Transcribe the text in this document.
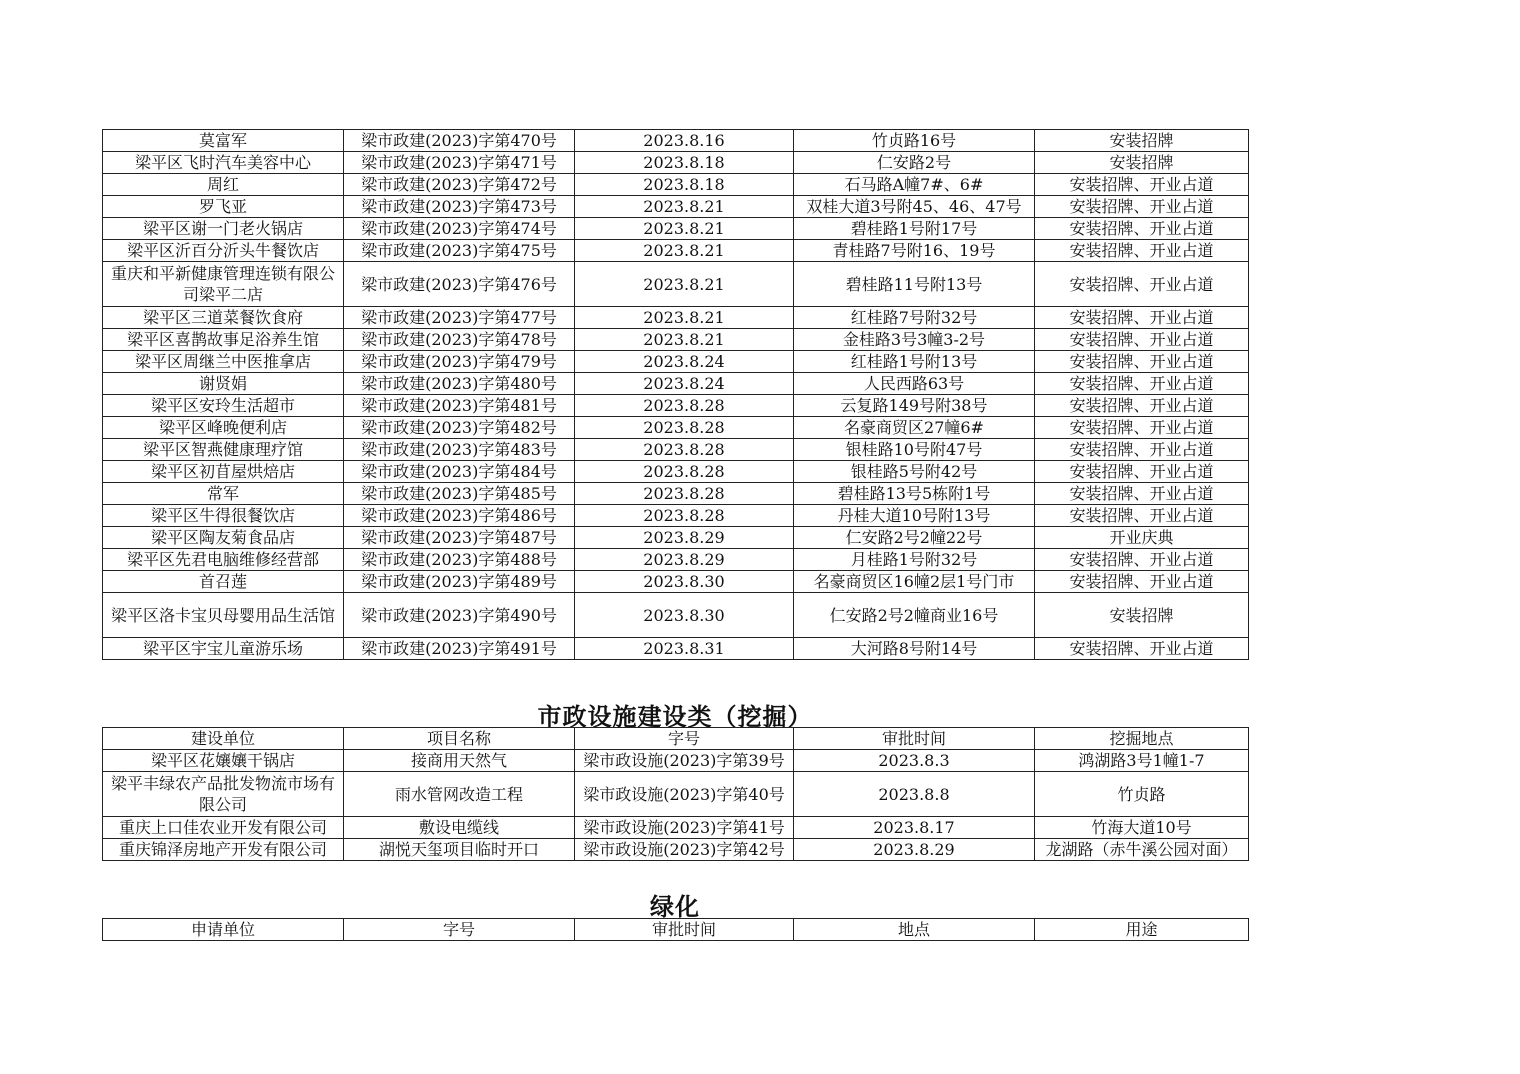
莫富军	梁市政建(2023)字第470号	2023.8.16	竹贞路16号	安装招牌
梁平区飞时汽车美容中心	梁市政建(2023)字第471号	2023.8.18	仁安路2号	安装招牌
周红	梁市政建(2023)字第472号	2023.8.18	石马路A幢7#、6#	安装招牌、开业占道
罗飞亚	梁市政建(2023)字第473号	2023.8.21	双桂大道3号附45、46、47号	安装招牌、开业占道
梁平区谢一门老火锅店	梁市政建(2023)字第474号	2023.8.21	碧桂路1号附17号	安装招牌、开业占道
梁平区沂百分沂头牛餐饮店	梁市政建(2023)字第475号	2023.8.21	青桂路7号附16、19号	安装招牌、开业占道
重庆和平新健康管理连锁有限公司梁平二店	梁市政建(2023)字第476号	2023.8.21	碧桂路11号附13号	安装招牌、开业占道
梁平区三道菜餐饮食府	梁市政建(2023)字第477号	2023.8.21	红桂路7号附32号	安装招牌、开业占道
梁平区喜鹊故事足浴养生馆	梁市政建(2023)字第478号	2023.8.21	金桂路3号3幢3-2号	安装招牌、开业占道
梁平区周继兰中医推拿店	梁市政建(2023)字第479号	2023.8.24	红桂路1号附13号	安装招牌、开业占道
谢贤娟	梁市政建(2023)字第480号	2023.8.24	人民西路63号	安装招牌、开业占道
梁平区安玲生活超市	梁市政建(2023)字第481号	2023.8.28	云复路149号附38号	安装招牌、开业占道
梁平区峰晚便利店	梁市政建(2023)字第482号	2023.8.28	名豪商贸区27幢6#	安装招牌、开业占道
梁平区智燕健康理疗馆	梁市政建(2023)字第483号	2023.8.28	银桂路10号附47号	安装招牌、开业占道
梁平区初苜屋烘焙店	梁市政建(2023)字第484号	2023.8.28	银桂路5号附42号	安装招牌、开业占道
常军	梁市政建(2023)字第485号	2023.8.28	碧桂路13号5栋附1号	安装招牌、开业占道
梁平区牛得很餐饮店	梁市政建(2023)字第486号	2023.8.28	丹桂大道10号附13号	安装招牌、开业占道
梁平区陶友菊食品店	梁市政建(2023)字第487号	2023.8.29	仁安路2号2幢22号	开业庆典
梁平区先君电脑维修经营部	梁市政建(2023)字第488号	2023.8.29	月桂路1号附32号	安装招牌、开业占道
首召莲	梁市政建(2023)字第489号	2023.8.30	名豪商贸区16幢2层1号门市	安装招牌、开业占道
梁平区洛卡宝贝母婴用品生活馆	梁市政建(2023)字第490号	2023.8.30	仁安路2号2幢商业16号	安装招牌
梁平区宇宝儿童游乐场	梁市政建(2023)字第491号	2023.8.31	大河路8号附14号	安装招牌、开业占道
市政设施建设类（挖掘）
建设单位	项目名称	字号	审批时间	挖掘地点
梁平区花孃孃干锅店	接商用天然气	梁市政设施(2023)字第39号	2023.8.3	鸿湖路3号1幢1-7
梁平丰绿农产品批发物流市场有限公司	雨水管网改造工程	梁市政设施(2023)字第40号	2023.8.8	竹贞路
重庆上口佳农业开发有限公司	敷设电缆线	梁市政设施(2023)字第41号	2023.8.17	竹海大道10号
重庆锦泽房地产开发有限公司	湖悦天玺项目临时开口	梁市政设施(2023)字第42号	2023.8.29	龙湖路（赤牛溪公园对面）
绿化
申请单位	字号	审批时间	地点	用途
